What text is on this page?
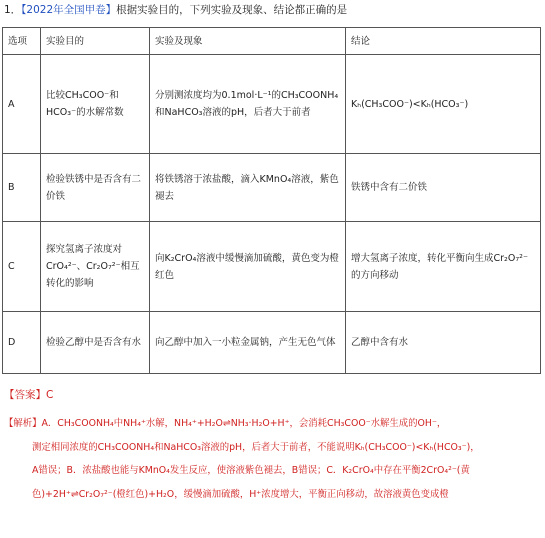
1．【2022年全国甲卷】根据实验目的，下列实验及现象、结论都正确的是
选项	实验目的	实验及现象	结论
A	比较CH₃COO⁻和HCO₃⁻的水解常数	分别测浓度均为0.1mol·L⁻¹的CH₃COONH₄和NaHCO₃溶液的pH，后者大于前者	Kₕ(CH₃COO⁻)<Kₕ(HCO₃⁻)
B	检验铁锈中是否含有二价铁	将铁锈溶于浓盐酸，滴入KMnO₄溶液，紫色褪去	铁锈中含有二价铁
C	探究氢离子浓度对CrO₄²⁻、Cr₂O₇²⁻相互转化的影响	向K₂CrO₄溶液中缓慢滴加硫酸，黄色变为橙红色	增大氢离子浓度，转化平衡向生成Cr₂O₇²⁻的方向移动
D	检验乙醇中是否含有水	向乙醇中加入一小粒金属钠，产生无色气体	乙醇中含有水
【答案】C
【解析】A．CH₃COONH₄中NH₄⁺水解，NH₄⁺+H₂O⇌NH₃·H₂O+H⁺，会消耗CH₃COO⁻水解生成的OH⁻，
测定相同浓度的CH₃COONH₄和NaHCO₃溶液的pH，后者大于前者，不能说明Kₕ(CH₃COO⁻)<Kₕ(HCO₃⁻)，
A错误；B．浓盐酸也能与KMnO₄发生反应，使溶液紫色褪去，B错误；C．K₂CrO₄中存在平衡2CrO₄²⁻(黄
色)+2H⁺⇌Cr₂O₇²⁻(橙红色)+H₂O，缓慢滴加硫酸，H⁺浓度增大，平衡正向移动，故溶液黄色变成橙
